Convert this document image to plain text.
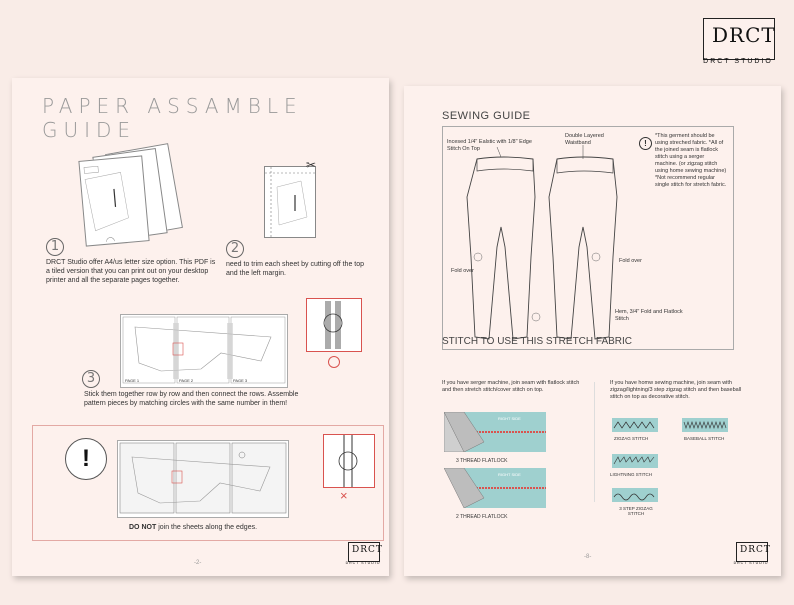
DRCT
DRCT STUDIO
PAPER ASSAMBLE GUIDE
1
DRCT Studio offer A4/us letter size option. This PDF is a tiled version that you can print out on your desktop printer and all the separate pages together.
✂
2
need to trim each sheet by cutting off the top and the left margin.
PAGE 1	PAGE 2	PAGE 3
3
Stick them together row by row and then connect the rows. Assemble pattern pieces by matching circles with the same number in them!
!
×
DO NOT join the sheets along the edges.
-2-
DRCT
DRCT STUDIO
SEWING GUIDE
Incesed 1/4" Ealstic with 1/8" Edge Stitch On Top
Double Layered Waistband
Fold over
Fold over
Hem, 3/4" Fold and Flatlock Stitch
!
*This germent should be using streched fabric. *All of the joined seam is flatlock stitch using a serger machine. (or zigzag stitch using home sewing machine) *Not recommend regular single stitch for stretch fabric.
STITCH TO USE THIS STRETCH FABRIC
If you have serger machine, join seam with flatlock stitch and then stretch stitch/cover stitch on top.
If you have homw sewing machine, join seam with zigzag/lightning/3 step zigzag stitch and then baseball stitch on top as decorative stitch.
RIGHT SIDE
3 THREAD FLATLOCK
RIGHT SIDE
2 THREAD FLATLOCK
ZIGZAG STITCH	BASEBALL STITCH
LIGHTNING STITCH
3 STEP ZIGZAG STITCH
-8-
DRCT
DRCT STUDIO
